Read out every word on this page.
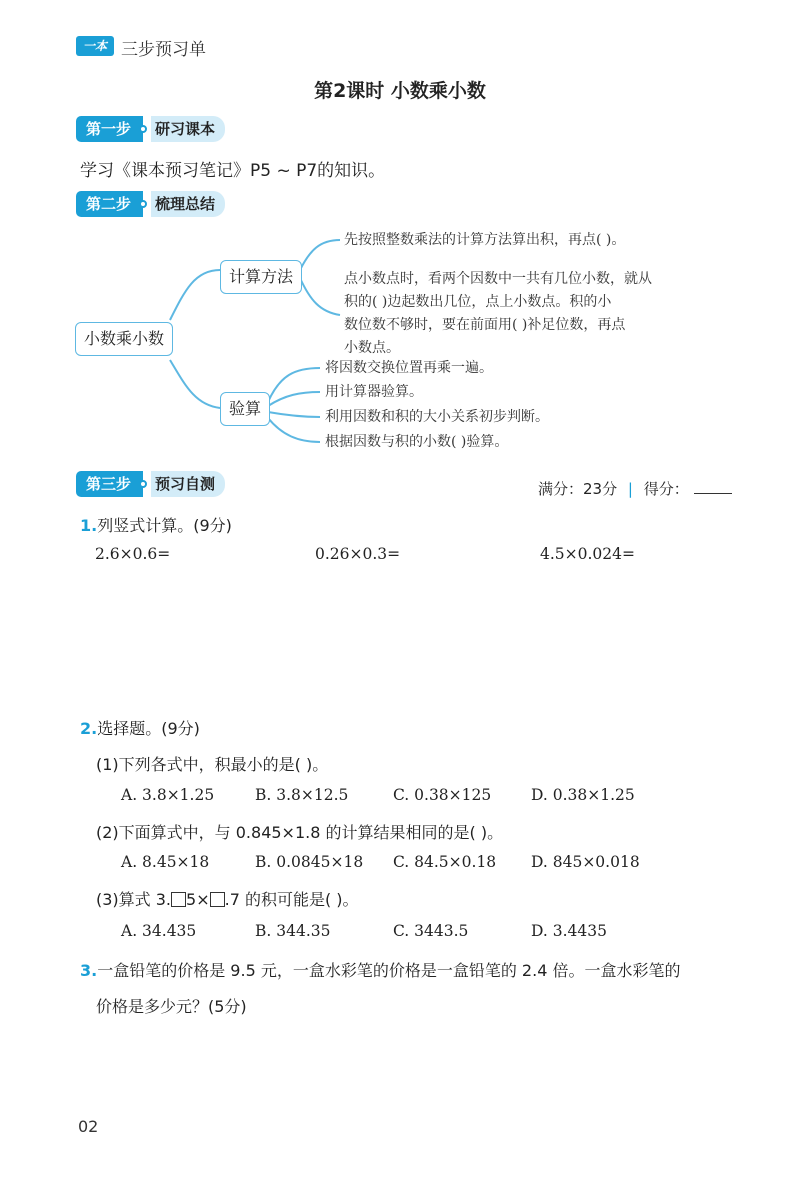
一本 三步预习单
第2课时 小数乘小数
第一步	研习课本
学习《课本预习笔记》P5 ~ P7的知识。
第二步	梳理总结
小数乘小数
计算方法
验算
先按照整数乘法的计算方法算出积，再点( )。
点小数点时，看两个因数中一共有几位小数，就从
积的( )边起数出几位，点上小数点。积的小
数位数不够时，要在前面用( )补足位数，再点
小数点。
将因数交换位置再乘一遍。
用计算器验算。
利用因数和积的大小关系初步判断。
根据因数与积的小数( )验算。
第三步	预习自测	满分：23分 | 得分：
1.列竖式计算。(9分)
2.6×0.6=	0.26×0.3=	4.5×0.024=
2.选择题。(9分)
(1)下列各式中，积最小的是( )。
A. 3.8×1.25	B. 3.8×12.5	C. 0.38×125	D. 0.38×1.25
(2)下面算式中，与 0.845×1.8 的计算结果相同的是( )。
A. 8.45×18	B. 0.0845×18 C. 84.5×0.18 D. 845×0.018
(3)算式 3. 5× .7 的积可能是( )。
A. 34.435	B. 344.35	C. 3443.5	D. 3.4435
3.一盒铅笔的价格是 9.5 元，一盒水彩笔的价格是一盒铅笔的 2.4 倍。一盒水彩笔的
价格是多少元？(5分)
02
